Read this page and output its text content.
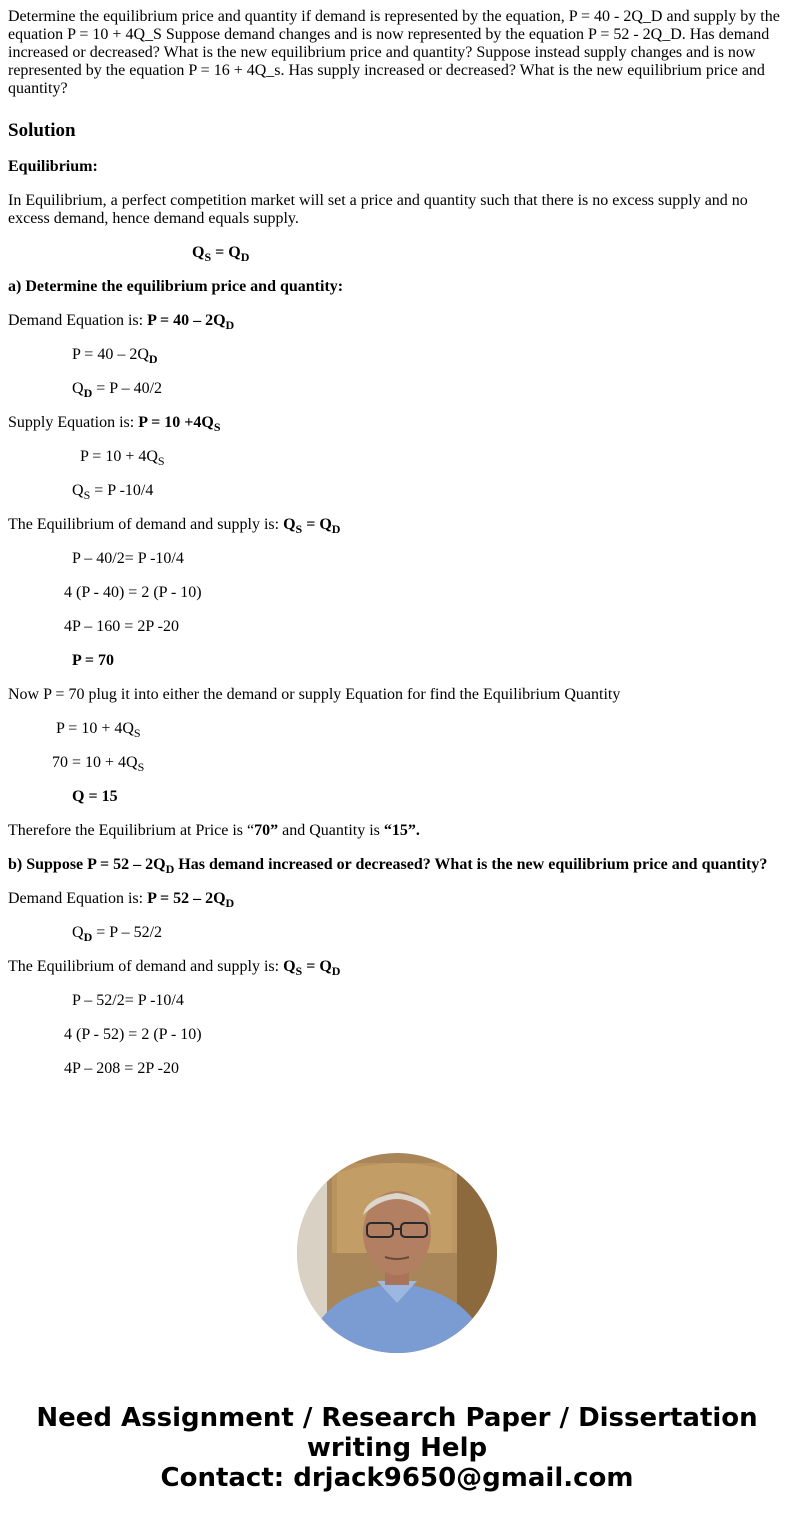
Determine the equilibrium price and quantity if demand is represented by the equation, P = 40 - 2Q_D and supply by the equation P = 10 + 4Q_S Suppose demand changes and is now represented by the equation P = 52 - 2Q_D. Has demand increased or decreased? What is the new equilibrium price and quantity? Suppose instead supply changes and is now represented by the equation P = 16 + 4Q_s. Has supply increased or decreased? What is the new equilibrium price and quantity?

Solution

Equilibrium:

In Equilibrium, a perfect competition market will set a price and quantity such that there is no excess supply and no excess demand, hence demand equals supply.

$Q_S = Q_D$

a) Determine the equilibrium price and quantity:

Demand Equation is: $P = 40 - 2Q_D$

$P = 40 - 2Q_D$

$Q_D = P - 40/2$

Supply Equation is: $P = 10 +4Q_S$

$P = 10 + 4Q_S$

$Q_S = P$ -10/4

The Equilibrium of demand and supply is: $Q_S = Q_D$

P – 40/2= P -10/4

4 (P - 40) = 2 (P - 10)

4P – 160 = 2P -20

P = 70

Now P = 70 plug it into either the demand or supply Equation for find the Equilibrium Quantity

$P = 10 + 4Q_S$

$70 = 10 + 4Q_S$

Q = 15

Therefore the Equilibrium at Price is “70” and Quantity is “15”.

b) Suppose $P = 52 - 2Q_D$ Has demand increased or decreased? What is the new equilibrium price and quantity?

Demand Equation is: $P = 52 - 2Q_D$

$Q_D = P - 52/2$

The Equilibrium of demand and supply is: $Q_S = Q_D$

P – 52/2= P -10/4

4 (P - 52) = 2 (P - 10)

4P – 208 = 2P -20

Need Assignment / Research Paper / Dissertation
writing Help
Contact: drjack9650@gmail.com
